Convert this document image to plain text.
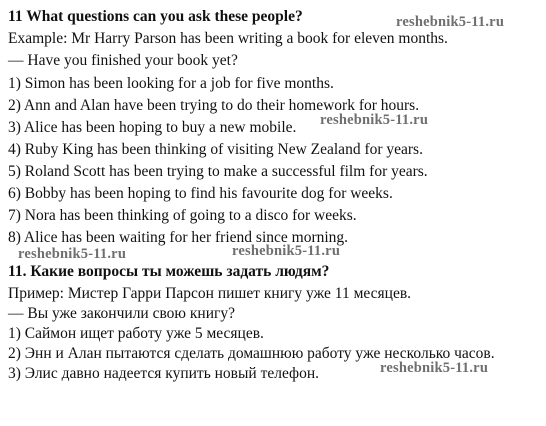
11 What questions can you ask these people?
Example: Mr Harry Parson has been writing a book for eleven months.
— Have you finished your book yet?
1) Simon has been looking for a job for five months.
2) Ann and Alan have been trying to do their homework for hours.
3) Alice has been hoping to buy a new mobile.
4) Ruby King has been thinking of visiting New Zealand for years.
5) Roland Scott has been trying to make a successful film for years.
6) Bobby has been hoping to find his favourite dog for weeks.
7) Nora has been thinking of going to a disco for weeks.
8) Alice has been waiting for her friend since morning.
11. Какие вопросы ты можешь задать людям?
Пример: Мистер Гарри Парсон пишет книгу уже 11 месяцев.
— Вы уже закончили свою книгу?
1) Саймон ищет работу уже 5 месяцев.
2) Энн и Алан пытаются сделать домашнюю работу уже несколько часов.
3) Элис давно надеется купить новый телефон.
reshebnik5-11.ru
reshebnik5-11.ru
reshebnik5-11.ru	reshebnik5-11.ru
reshebnik5-11.ru
